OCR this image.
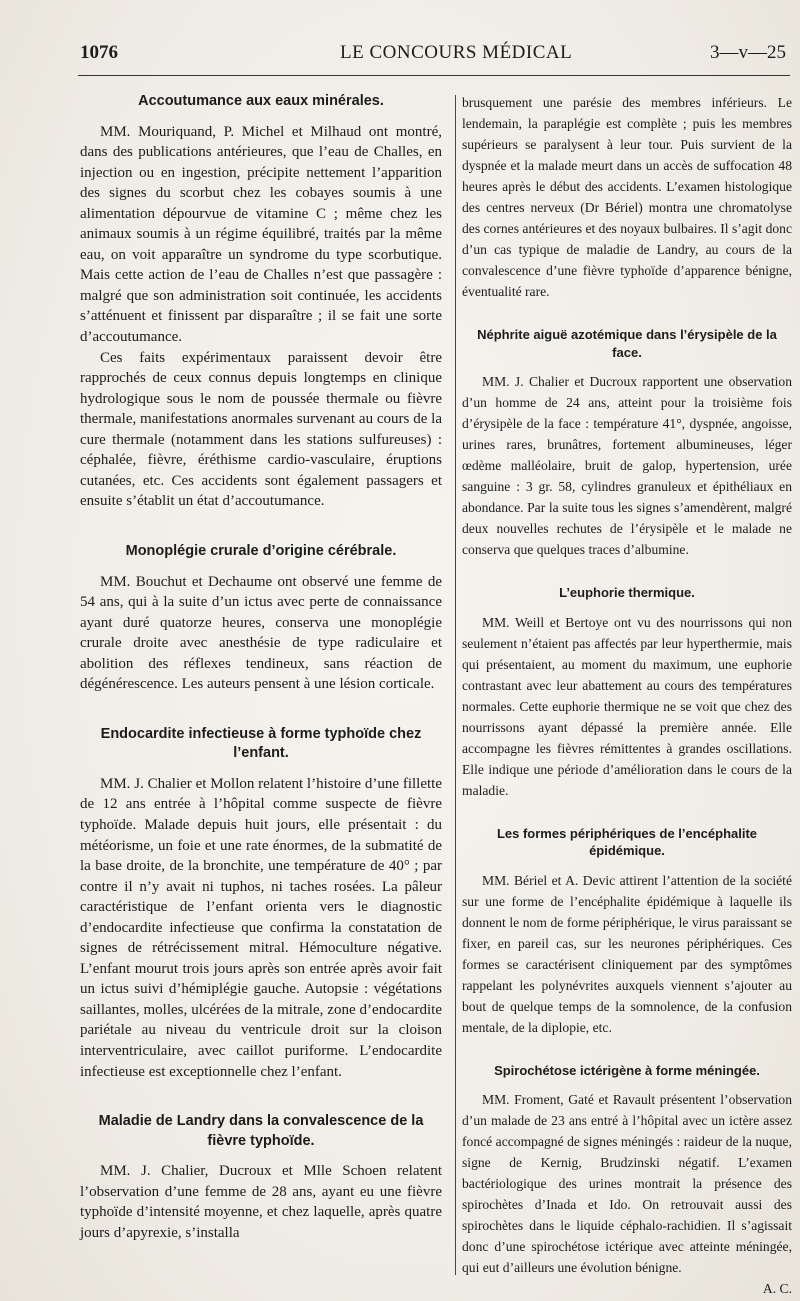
1076	LE CONCOURS MÉDICAL	3—v—25
Accoutumance aux eaux minérales.

MM. Mouriquand, P. Michel et Milhaud ont montré, dans des publications antérieures, que l’eau de Challes, en injection ou en ingestion, précipite nettement l’apparition des signes du scorbut chez les cobayes soumis à une alimentation dépourvue de vitamine C ; même chez les animaux soumis à un régime équilibré, traités par la même eau, on voit apparaître un syndrome du type scorbutique. Mais cette action de l’eau de Challes n’est que passagère : malgré que son administration soit continuée, les accidents s’atténuent et finissent par disparaître ; il se fait une sorte d’accoutumance.

Ces faits expérimentaux paraissent devoir être rapprochés de ceux connus depuis longtemps en clinique hydrologique sous le nom de poussée thermale ou fièvre thermale, manifestations anormales survenant au cours de la cure thermale (notamment dans les stations sulfureuses) : céphalée, fièvre, éréthisme cardio-vasculaire, éruptions cutanées, etc. Ces accidents sont également passagers et ensuite s’établit un état d’accoutumance.

Monoplégie crurale d’origine cérébrale.

MM. Bouchut et Dechaume ont observé une femme de 54 ans, qui à la suite d’un ictus avec perte de connaissance ayant duré quatorze heures, conserva une monoplégie crurale droite avec anesthésie de type radiculaire et abolition des réflexes tendineux, sans réaction de dégénérescence. Les auteurs pensent à une lésion corticale.

Endocardite infectieuse à forme typhoïde chez l’enfant.

MM. J. Chalier et Mollon relatent l’histoire d’une fillette de 12 ans entrée à l’hôpital comme suspecte de fièvre typhoïde. Malade depuis huit jours, elle présentait : du météorisme, un foie et une rate énormes, de la submatité de la base droite, de la bronchite, une température de 40° ; par contre il n’y avait ni tuphos, ni taches rosées. La pâleur caractéristique de l’enfant orienta vers le diagnostic d’endocardite infectieuse que confirma la constatation de signes de rétrécissement mitral. Hémoculture négative. L’enfant mourut trois jours après son entrée après avoir fait un ictus suivi d’hémiplégie gauche. Autopsie : végétations saillantes, molles, ulcérées de la mitrale, zone d’endocardite pariétale au niveau du ventricule droit sur la cloison interventriculaire, avec caillot puriforme. L’endocardite infectieuse est exceptionnelle chez l’enfant.

Maladie de Landry dans la convalescence de la fièvre typhoïde.

MM. J. Chalier, Ducroux et Mlle Schoen relatent l’observation d’une femme de 28 ans, ayant eu une fièvre typhoïde d’intensité moyenne, et chez laquelle, après quatre jours d’apyrexie, s’installa

brusquement une parésie des membres inférieurs. Le lendemain, la paraplégie est complète ; puis les membres supérieurs se paralysent à leur tour. Puis survient de la dyspnée et la malade meurt dans un accès de suffocation 48 heures après le début des accidents. L’examen histologique des centres nerveux (Dr Bériel) montra une chromatolyse des cornes antérieures et des noyaux bulbaires. Il s’agit donc d’un cas typique de maladie de Landry, au cours de la convalescence d’une fièvre typhoïde d’apparence bénigne, éventualité rare.

Néphrite aiguë azotémique dans l’érysipèle de la face.

MM. J. Chalier et Ducroux rapportent une observation d’un homme de 24 ans, atteint pour la troisième fois d’érysipèle de la face : température 41°, dyspnée, angoisse, urines rares, brunâtres, fortement albumineuses, léger œdème malléolaire, bruit de galop, hypertension, urée sanguine : 3 gr. 58, cylindres granuleux et épithéliaux en abondance. Par la suite tous les signes s’amendèrent, malgré deux nouvelles rechutes de l’érysipèle et le malade ne conserva que quelques traces d’albumine.

L’euphorie thermique.

MM. Weill et Bertoye ont vu des nourrissons qui non seulement n’étaient pas affectés par leur hyperthermie, mais qui présentaient, au moment du maximum, une euphorie contrastant avec leur abattement au cours des températures normales. Cette euphorie thermique ne se voit que chez des nourrissons ayant dépassé la première année. Elle accompagne les fièvres rémittentes à grandes oscillations. Elle indique une période d’amélioration dans le cours de la maladie.

Les formes périphériques de l’encéphalite épidémique.

MM. Bériel et A. Devic attirent l’attention de la société sur une forme de l’encéphalite épidémique à laquelle ils donnent le nom de forme périphérique, le virus paraissant se fixer, en pareil cas, sur les neurones périphériques. Ces formes se caractérisent cliniquement par des symptômes rappelant les polynévrites auxquels viennent s’ajouter au bout de quelque temps de la somnolence, de la confusion mentale, de la diplopie, etc.

Spirochétose ictérigène à forme méningée.

MM. Froment, Gaté et Ravault présentent l’observation d’un malade de 23 ans entré à l’hôpital avec un ictère assez foncé accompagné de signes méningés : raideur de la nuque, signe de Kernig, Brudzinski négatif. L’examen bactériologique des urines montrait la présence des spirochètes d’Inada et Ido. On retrouvait aussi des spirochètes dans le liquide céphalo-rachidien. Il s’agissait donc d’une spirochétose ictérique avec atteinte méningée, qui eut d’ailleurs une évolution bénigne.

A. C.
